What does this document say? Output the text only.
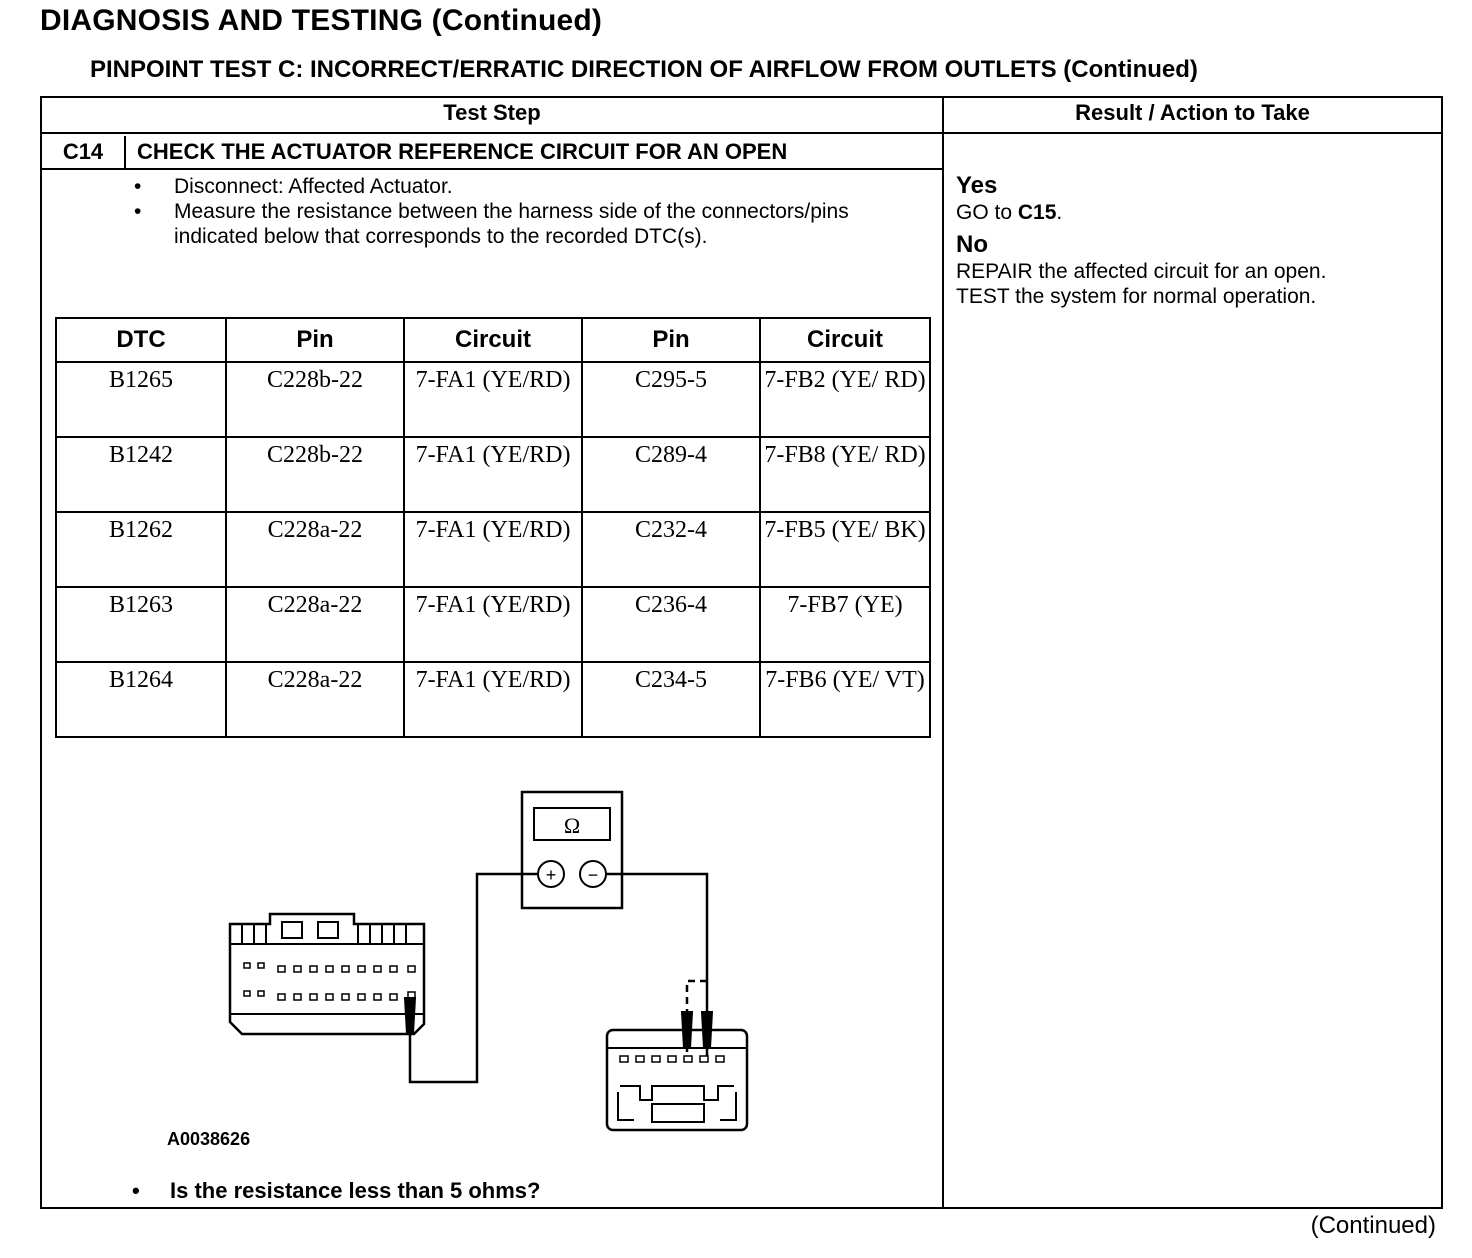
DIAGNOSIS AND TESTING (Continued)
PINPOINT TEST C: INCORRECT/ERRATIC DIRECTION OF AIRFLOW FROM OUTLETS (Continued)
Test Step	Result / Action to Take
C14	CHECK THE ACTUATOR REFERENCE CIRCUIT FOR AN OPEN
• Disconnect: Affected Actuator.
• Measure the resistance between the harness side of the connectors/pins indicated below that corresponds to the recorded DTC(s).
DTC	Pin	Circuit	Pin	Circuit
B1265	C228b-22	7-FA1 (YE/RD)	C295-5	7-FB2 (YE/ RD)
B1242	C228b-22	7-FA1 (YE/RD)	C289-4	7-FB8 (YE/ RD)
B1262	C228a-22	7-FA1 (YE/RD)	C232-4	7-FB5 (YE/ BK)
B1263	C228a-22	7-FA1 (YE/RD)	C236-4	7-FB7 (YE)
B1264	C228a-22	7-FA1 (YE/RD)	C234-5	7-FB6 (YE/ VT)
Ω
+ −
A0038626
• Is the resistance less than 5 ohms?
Yes
GO to C15.
No
REPAIR the affected circuit for an open.
TEST the system for normal operation.
(Continued)
